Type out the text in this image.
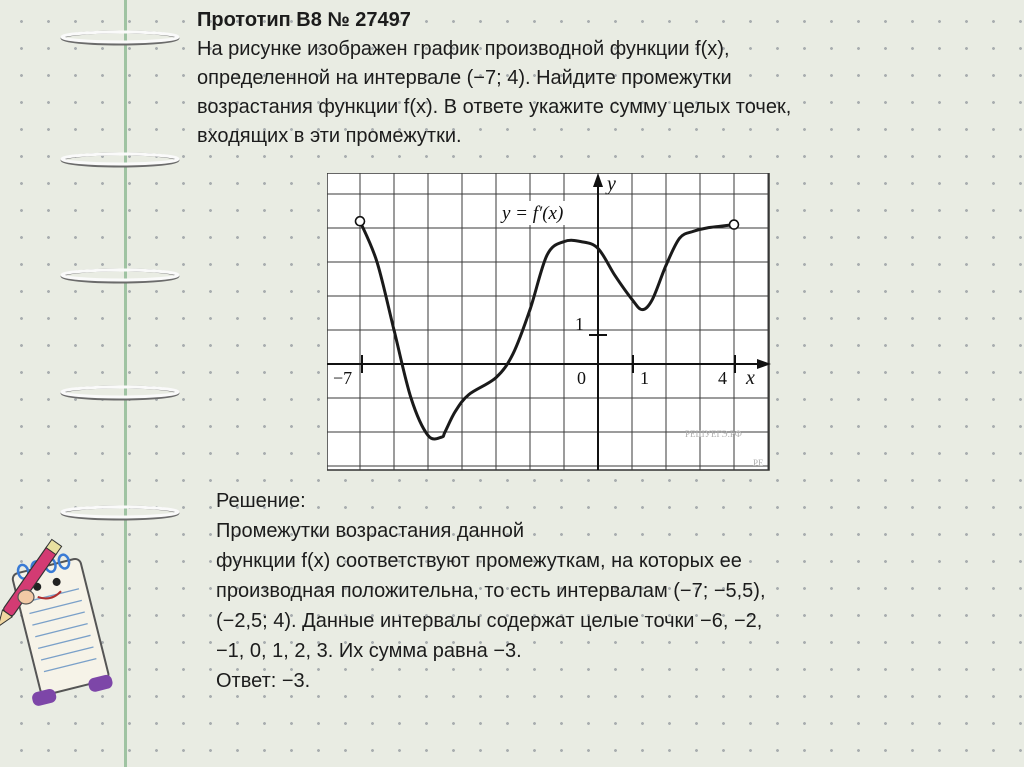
Прототип B8 № 27497
На рисунке изображен график производной функции f(x),
определенной на интервале (−7; 4). Найдите промежутки
возрастания функции f(x). В ответе укажите сумму целых точек,
входящих в эти промежутки.
−7	0	1	4
1
x
y
y = f′(x)
РЕШУЕГЭ.РФ
РЕ
Решение:
Промежутки возрастания данной
функции f(x) соответствуют промежуткам, на которых ее
производная положительна, то есть интервалам (−7; −5,5),
(−2,5; 4). Данные интервалы содержат целые точки −6, −2,
−1, 0, 1, 2, 3. Их сумма равна −3.
Ответ: −3.
